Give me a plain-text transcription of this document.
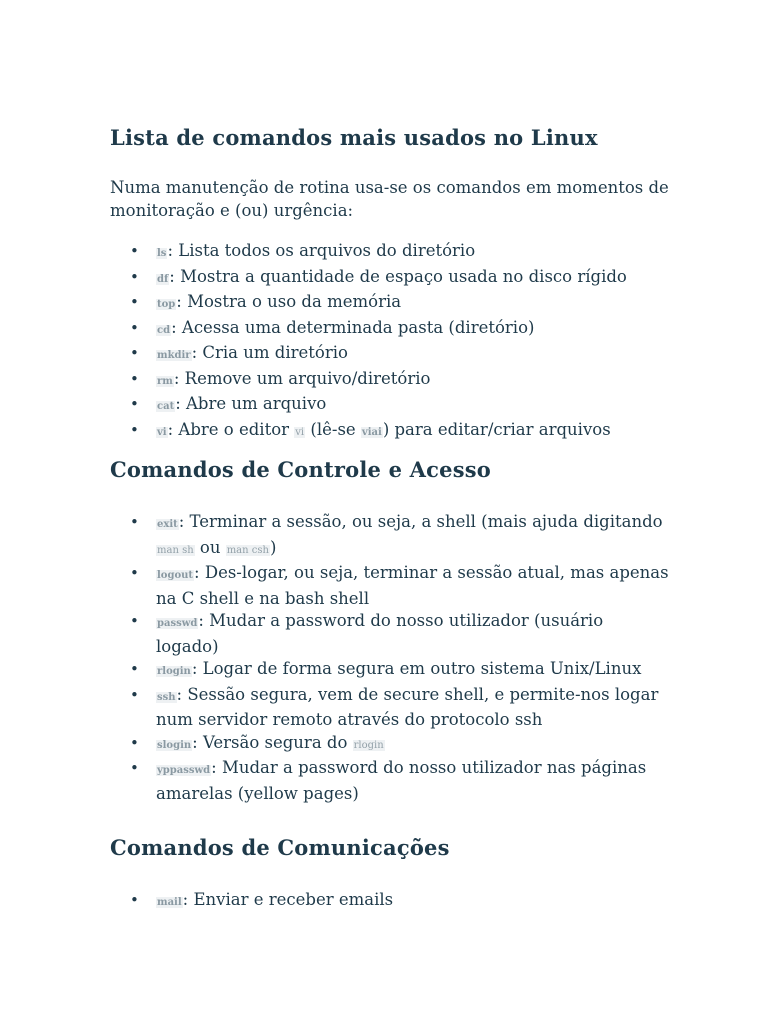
Lista de comandos mais usados no Linux

Numa manutenção de rotina usa-se os comandos em momentos de monitoração e (ou) urgência:

• ls: Lista todos os arquivos do diretório
• df: Mostra a quantidade de espaço usada no disco rígido
• top: Mostra o uso da memória
• cd: Acessa uma determinada pasta (diretório)
• mkdir: Cria um diretório
• rm: Remove um arquivo/diretório
• cat: Abre um arquivo
• vi: Abre o editor vi (lê-se viai) para editar/criar arquivos
Comandos de Controle e Acesso
• exit: Terminar a sessão, ou seja, a shell (mais ajuda digitando man sh ou man csh)
• logout: Des-logar, ou seja, terminar a sessão atual, mas apenas na C shell e na bash shell
• passwd: Mudar a password do nosso utilizador (usuário logado)
• rlogin: Logar de forma segura em outro sistema Unix/Linux
• ssh: Sessão segura, vem de secure shell, e permite-nos logar num servidor remoto através do protocolo ssh
• slogin: Versão segura do rlogin
• yppasswd: Mudar a password do nosso utilizador nas páginas amarelas (yellow pages)
Comandos de Comunicações
• mail: Enviar e receber emails
